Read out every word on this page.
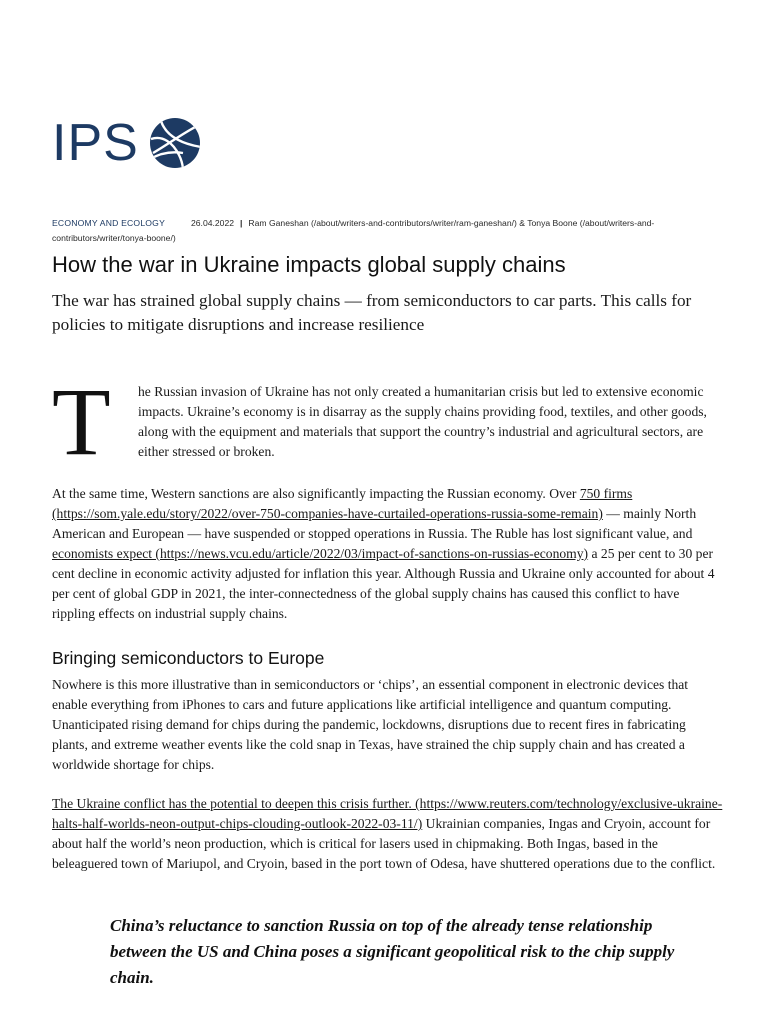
IPS
ECONOMY AND ECOLOGY	26.04.2022 | Ram Ganeshan (/about/writers-and-contributors/writer/ram-ganeshan/) & Tonya Boone (/about/writers-and-contributors/writer/tonya-boone/)
How the war in Ukraine impacts global supply chains

The war has strained global supply chains — from semiconductors to car parts. This calls for policies to mitigate disruptions and increase resilience

T he Russian invasion of Ukraine has not only created a humanitarian crisis but led to extensive economic impacts. Ukraine’s economy is in disarray as the supply chains providing food, textiles, and other goods, along with the equipment and materials that support the country’s industrial and agricultural sectors, are either stressed or broken.

At the same time, Western sanctions are also significantly impacting the Russian economy. Over 750 firms (https://som.yale.edu/story/2022/over-750-companies-have-curtailed-operations-russia-some-remain) — mainly North American and European — have suspended or stopped operations in Russia. The Ruble has lost significant value, and economists expect (https://news.vcu.edu/article/2022/03/impact-of-sanctions-on-russias-economy) a 25 per cent to 30 per cent decline in economic activity adjusted for inflation this year. Although Russia and Ukraine only accounted for about 4 per cent of global GDP in 2021, the inter-connectedness of the global supply chains has caused this conflict to have rippling effects on industrial supply chains.

Bringing semiconductors to Europe

Nowhere is this more illustrative than in semiconductors or ‘chips’, an essential component in electronic devices that enable everything from iPhones to cars and future applications like artificial intelligence and quantum computing. Unanticipated rising demand for chips during the pandemic, lockdowns, disruptions due to recent fires in fabricating plants, and extreme weather events like the cold snap in Texas, have strained the chip supply chain and has created a worldwide shortage for chips.

The Ukraine conflict has the potential to deepen this crisis further. (https://www.reuters.com/technology/exclusive-ukraine-halts-half-worlds-neon-output-chips-clouding-outlook-2022-03-11/) Ukrainian companies, Ingas and Cryoin, account for about half the world’s neon production, which is critical for lasers used in chipmaking. Both Ingas, based in the beleaguered town of Mariupol, and Cryoin, based in the port town of Odesa, have shuttered operations due to the conflict.

China’s reluctance to sanction Russia on top of the already tense relationship between the US and China poses a significant geopolitical risk to the chip supply chain.
